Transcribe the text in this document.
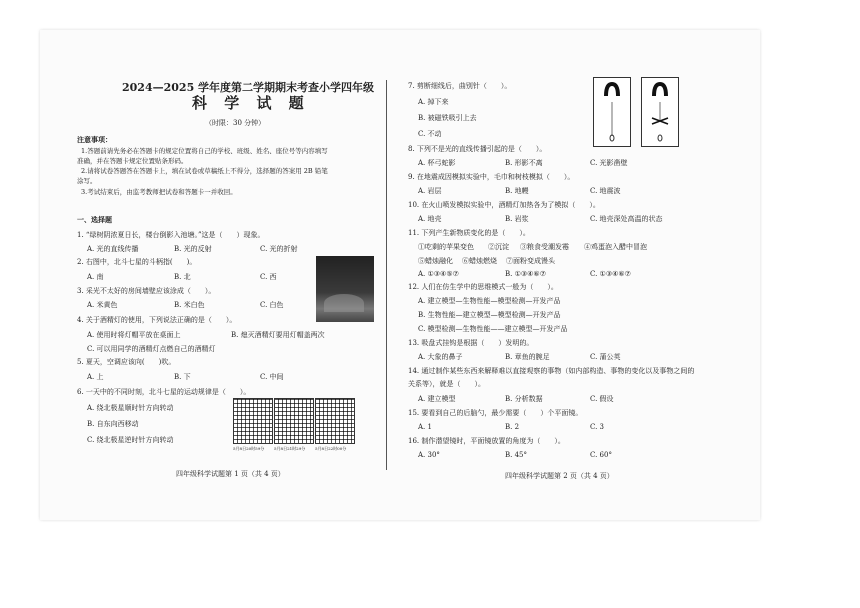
2024—2025 学年度第二学期期末考查小学四年级
科 学 试 题
（时限：30 分钟）
注意事项：
1.答题前请先务必在答题卡的规定位置将自己的学校、班级、姓名、座位号等内容填写
准确，并在答题卡规定位置贴条形码。
2.请将试卷答题答在答题卡上，填在试卷或草稿纸上不得分，选择题的答案用 2B 铅笔
涂写。
3.考试结束后，由监考教师把试卷和答题卡一并收回。
一、选择题
1. “绿树阴浓夏日长，楼台倒影入池塘。”这是（　　）现象。
A. 光的直线传播	B. 光的反射	C. 光的折射
2. 右图中，北斗七星的斗柄指(　　)。
A. 南	B. 北	C. 西
3. 采光不太好的房间墙壁应该涂成（　　）。
A. 米黄色	B. 米白色	C. 白色
4. 关于酒精灯的使用，下列说法正确的是（　　）。
A. 使用时将灯帽平放在桌面上	B. 熄灭酒精灯要用灯帽盖两次
C. 可以用同学的酒精灯点燃自己的酒精灯
5. 夏天，空调应该向(　　)吹。
A. 上	B. 下	C. 中间
6. 一天中的不同时刻，北斗七星的运动规律是（　　）。
A. 绕北极星顺时针方向转动
B. 自东向西移动
C. 绕北极星逆时针方向转动
5月8日20时59分 5月8日21时29分 5月8日22时00分
四年级科学试题第 1 页（共 4 页）
7. 剪断细线后，曲别针（　　）。
A. 掉下来
B. 被磁铁吸引上去
C. 不动
8. 下列不是光的直线传播引起的是（　　）。
A. 杯弓蛇影	B. 形影不离	C. 光影凿壁
9. 在地震成因模拟实验中，毛巾和树枝模拟（　　）。
A. 岩层	B. 地幔	C. 地震波
10. 在火山喷发模拟实验中，酒精灯加热各为了模拟（　　）。
A. 地壳	B. 岩浆	C. 地壳深处高温的状态
11. 下列产生新物质变化的是（　　）。
①吃剩的苹果变色 ②沉淀 ③粮食受潮发霉 ④鸡蛋泡入醋中冒泡
⑤蜡烛融化 ⑥蜡烛燃烧 ⑦面粉变成馒头
A. ①③④⑤⑦	B. ①③④⑥⑦	C. ①③④⑥⑦
12. 人们在仿生学中的思维模式一般为（　　）。
A. 建立模型—生物性能—模型检测—开发产品
B. 生物性能—建立模型—模型检测—开发产品
C. 模型检测—生物性能——建立模型—开发产品
13. 吸盘式挂钩是根据（　　）发明的。
A. 大象的鼻子	B. 章鱼的腕足	C. 蒲公英
14. 通过制作某些东西来解释难以直接观察的事物（如内部构造、事物的变化以及事物之间的
关系等），就是（　　）。
A. 建立模型	B. 分析数据	C. 假设
15. 要看到自己的后脑勺，最少需要（　　）个平面镜。
A. 1	B. 2	C. 3
16. 制作潜望镜时，平面镜放置的角度为（　　）。
A. 30°	B. 45°	C. 60°
四年级科学试题第 2 页（共 4 页）
